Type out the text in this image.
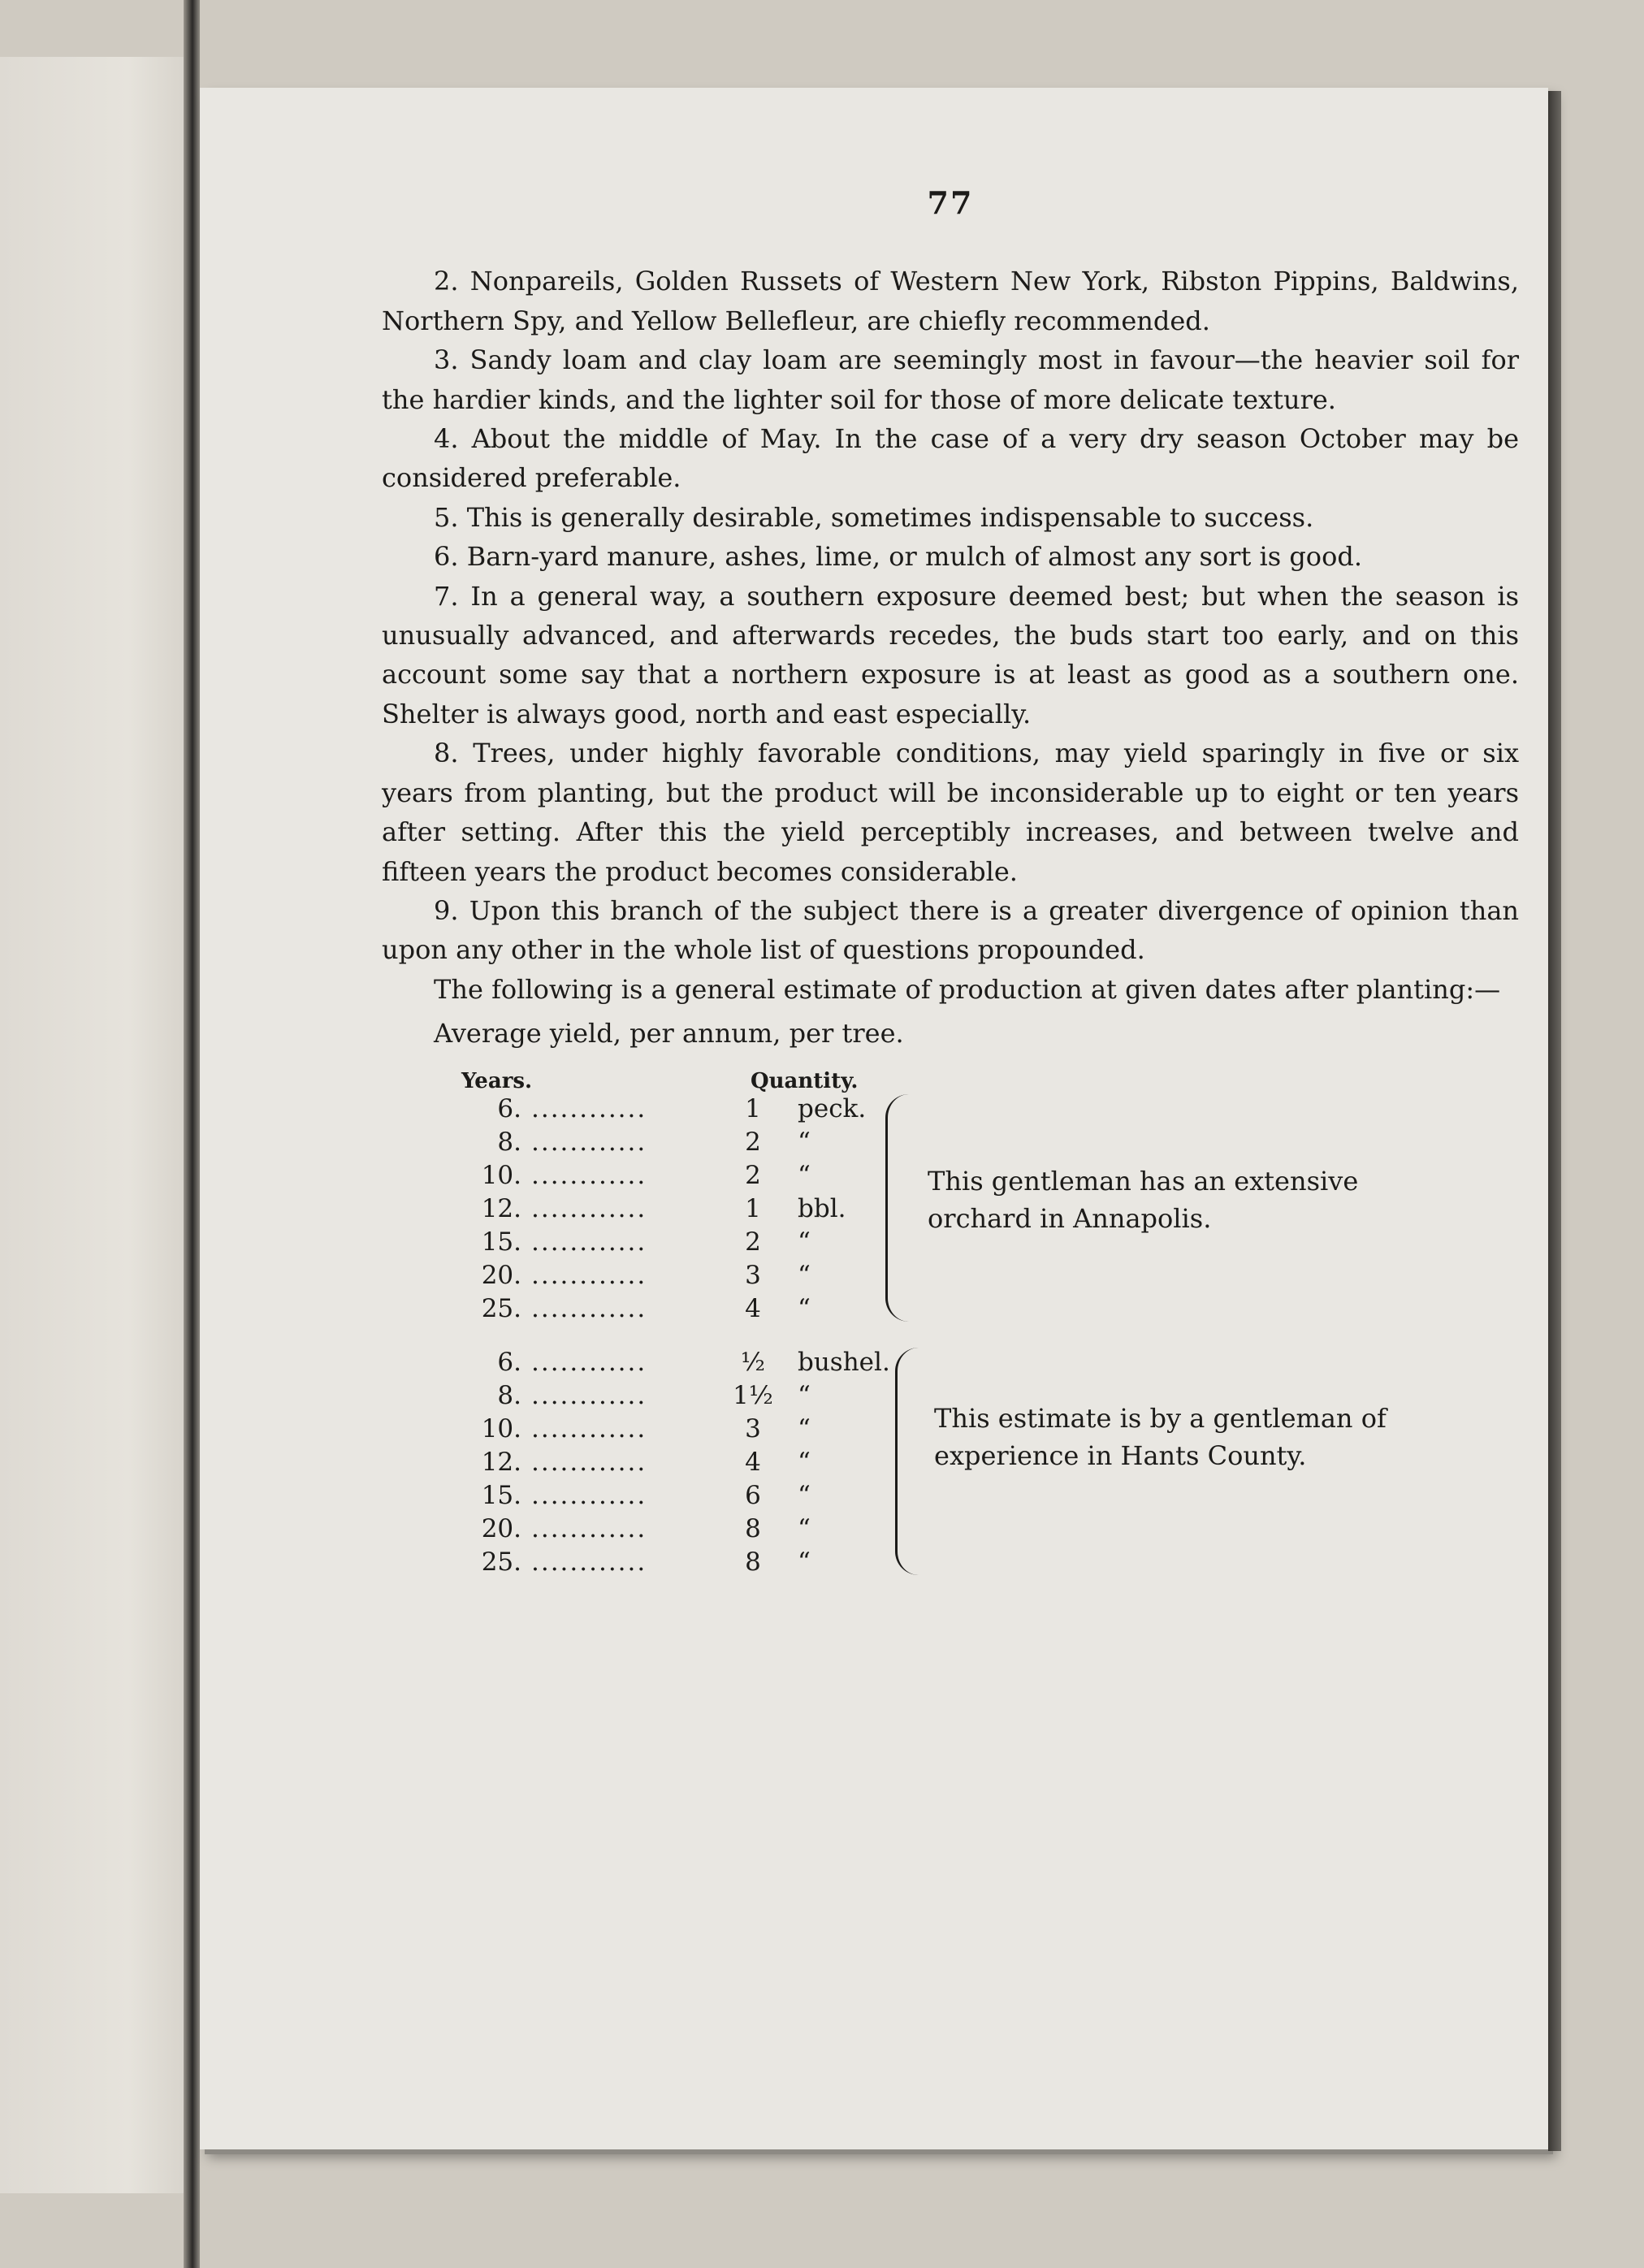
77

2. Nonpareils, Golden Russets of Western New York, Ribston Pippins, Baldwins, Northern Spy, and Yellow Bellefleur, are chiefly recommended.

3. Sandy loam and clay loam are seemingly most in favour—the heavier soil for the hardier kinds, and the lighter soil for those of more delicate texture.

4. About the middle of May. In the case of a very dry season October may be considered preferable.

5. This is generally desirable, sometimes indispensable to success.

6. Barn-yard manure, ashes, lime, or mulch of almost any sort is good.

7. In a general way, a southern exposure deemed best; but when the season is unusually advanced, and afterwards recedes, the buds start too early, and on this account some say that a northern exposure is at least as good as a southern one. Shelter is always good, north and east especially.

8. Trees, under highly favorable conditions, may yield sparingly in five or six years from planting, but the product will be inconsiderable up to eight or ten years after setting. After this the yield perceptibly increases, and between twelve and fifteen years the product becomes considerable.

9. Upon this branch of the subject there is a greater divergence of opinion than upon any other in the whole list of questions propounded.

The following is a general estimate of production at given dates after planting:—

Average yield, per annum, per tree.

Years.	Quantity.
6. ............	1	peck.
8. ............	2	“
10. ............	2	“
12. ............	1	bbl.
15. ............	2	“
20. ............	3	“
25. ............	4	“
This gentleman has an extensive orchard in Annapolis.
6. ............	½	bushel.
8. ............	1½ “
10. ............	3	“
12. ............	4	“
15. ............	6	“
20. ............	8	“
25. ............	8	“
This estimate is by a gentleman of experience in Hants County.
